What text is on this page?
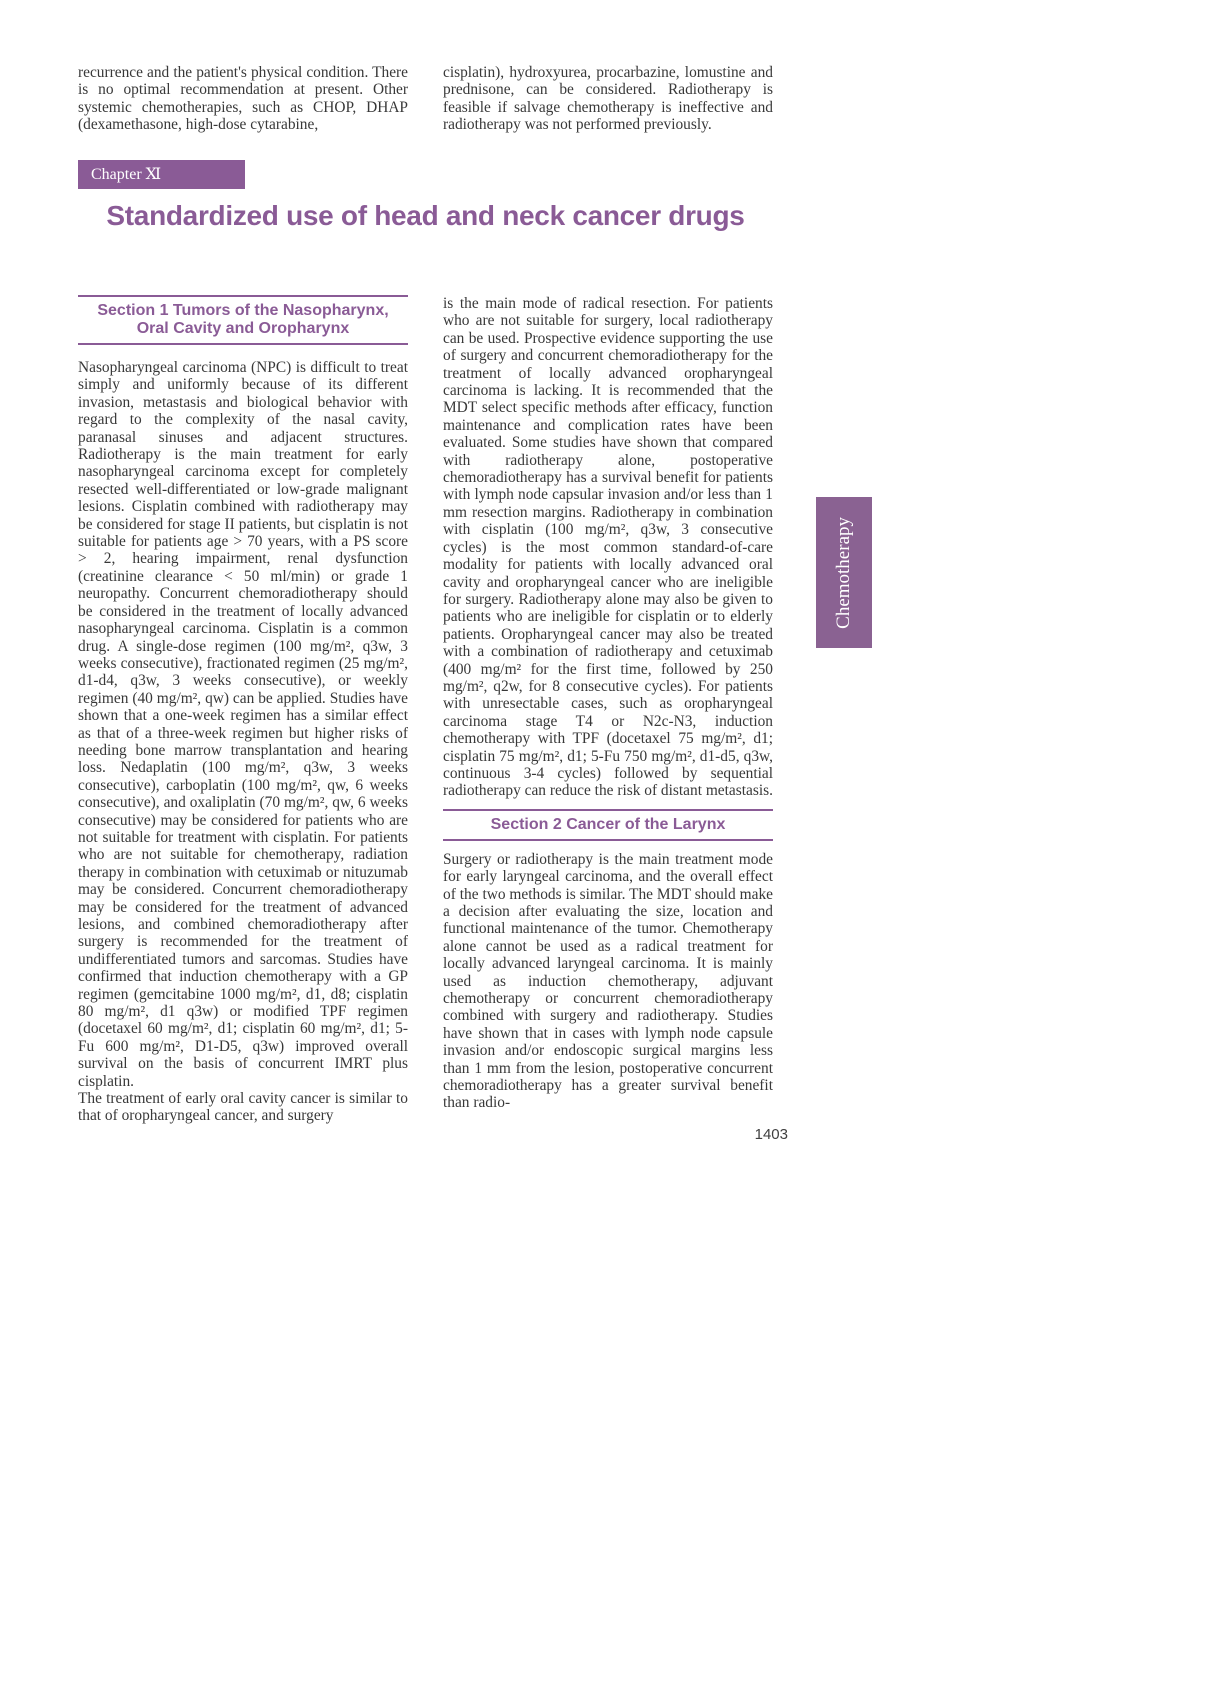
recurrence and the patient's physical condition. There is no optimal recommendation at present. Other systemic chemotherapies, such as CHOP, DHAP (dexamethasone, high-dose cytarabine,

cisplatin), hydroxyurea, procarbazine, lomustine and prednisone, can be considered. Radiotherapy is feasible if salvage chemotherapy is ineffective and radiotherapy was not performed previously.

Chapter Ⅺ
Standardized use of head and neck cancer drugs
Section 1 Tumors of the Nasopharynx, Oral Cavity and Oropharynx

Nasopharyngeal carcinoma (NPC) is difficult to treat simply and uniformly because of its different invasion, metastasis and biological behavior with regard to the complexity of the nasal cavity, paranasal sinuses and adjacent structures. Radiotherapy is the main treatment for early nasopharyngeal carcinoma except for completely resected well-differentiated or low-grade malignant lesions. Cisplatin combined with radiotherapy may be considered for stage II patients, but cisplatin is not suitable for patients age > 70 years, with a PS score > 2, hearing impairment, renal dysfunction (creatinine clearance < 50 ml/min) or grade 1 neuropathy. Concurrent chemoradiotherapy should be considered in the treatment of locally advanced nasopharyngeal carcinoma. Cisplatin is a common drug. A single-dose regimen (100 mg/m², q3w, 3 weeks consecutive), fractionated regimen (25 mg/m², d1-d4, q3w, 3 weeks consecutive), or weekly regimen (40 mg/m², qw) can be applied. Studies have shown that a one-week regimen has a similar effect as that of a three-week regimen but higher risks of needing bone marrow transplantation and hearing loss. Nedaplatin (100 mg/m², q3w, 3 weeks consecutive), carboplatin (100 mg/m², qw, 6 weeks consecutive), and oxaliplatin (70 mg/m², qw, 6 weeks consecutive) may be considered for patients who are not suitable for treatment with cisplatin. For patients who are not suitable for chemotherapy, radiation therapy in combination with cetuximab or nituzumab may be considered. Concurrent chemoradiotherapy may be considered for the treatment of advanced lesions, and combined chemoradiotherapy after surgery is recommended for the treatment of undifferentiated tumors and sarcomas. Studies have confirmed that induction chemotherapy with a GP regimen (gemcitabine 1000 mg/m², d1, d8; cisplatin 80 mg/m², d1 q3w) or modified TPF regimen (docetaxel 60 mg/m², d1; cisplatin 60 mg/m², d1; 5-Fu 600 mg/m², D1-D5, q3w) improved overall survival on the basis of concurrent IMRT plus cisplatin.

The treatment of early oral cavity cancer is similar to that of oropharyngeal cancer, and surgery

is the main mode of radical resection. For patients who are not suitable for surgery, local radiotherapy can be used. Prospective evidence supporting the use of surgery and concurrent chemoradiotherapy for the treatment of locally advanced oropharyngeal carcinoma is lacking. It is recommended that the MDT select specific methods after efficacy, function maintenance and complication rates have been evaluated. Some studies have shown that compared with radiotherapy alone, postoperative chemoradiotherapy has a survival benefit for patients with lymph node capsular invasion and/or less than 1 mm resection margins. Radiotherapy in combination with cisplatin (100 mg/m², q3w, 3 consecutive cycles) is the most common standard-of-care modality for patients with locally advanced oral cavity and oropharyngeal cancer who are ineligible for surgery. Radiotherapy alone may also be given to patients who are ineligible for cisplatin or to elderly patients. Oropharyngeal cancer may also be treated with a combination of radiotherapy and cetuximab (400 mg/m² for the first time, followed by 250 mg/m², q2w, for 8 consecutive cycles). For patients with unresectable cases, such as oropharyngeal carcinoma stage T4 or N2c-N3, induction chemotherapy with TPF (docetaxel 75 mg/m², d1; cisplatin 75 mg/m², d1; 5-Fu 750 mg/m², d1-d5, q3w, continuous 3-4 cycles) followed by sequential radiotherapy can reduce the risk of distant metastasis.

Section 2 Cancer of the Larynx

Surgery or radiotherapy is the main treatment mode for early laryngeal carcinoma, and the overall effect of the two methods is similar. The MDT should make a decision after evaluating the size, location and functional maintenance of the tumor. Chemotherapy alone cannot be used as a radical treatment for locally advanced laryngeal carcinoma. It is mainly used as induction chemotherapy, adjuvant chemotherapy or concurrent chemoradiotherapy combined with surgery and radiotherapy. Studies have shown that in cases with lymph node capsule invasion and/or endoscopic surgical margins less than 1 mm from the lesion, postoperative concurrent chemoradiotherapy has a greater survival benefit than radio-

1403
Chemotherapy
